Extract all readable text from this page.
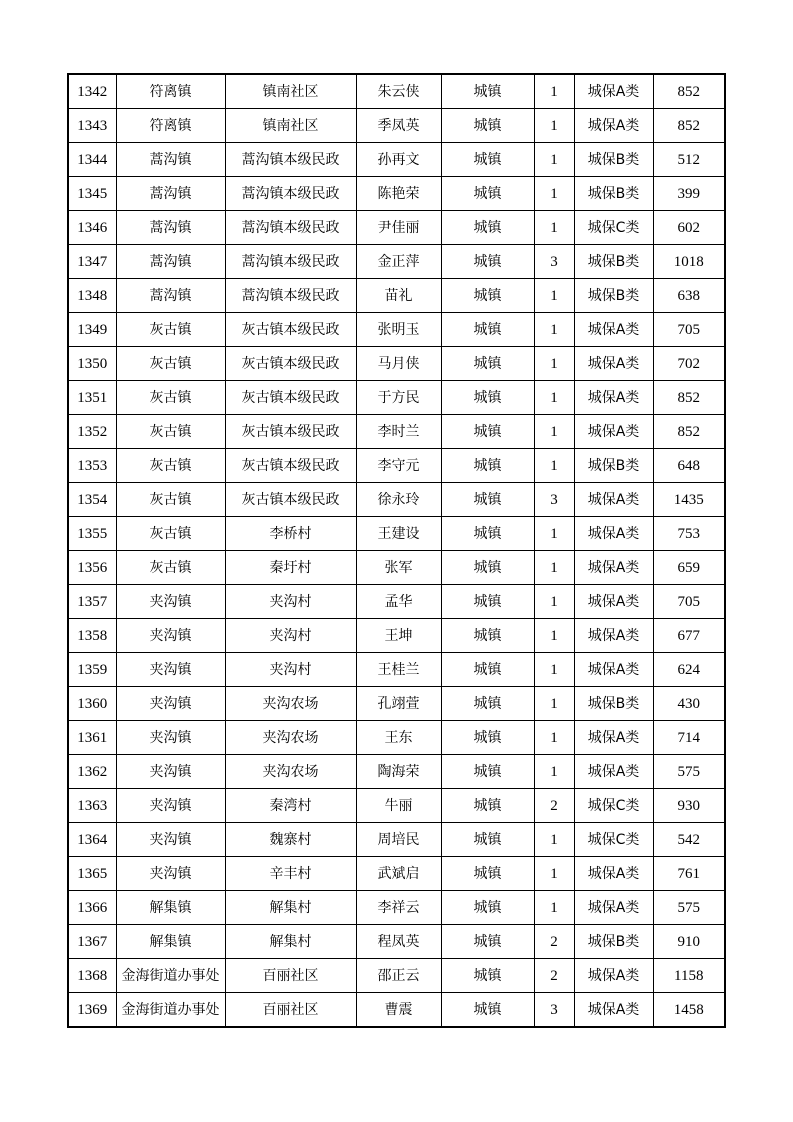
1342	符离镇	镇南社区	朱云侠	城镇	1	城保A类	852
1343	符离镇	镇南社区	季凤英	城镇	1	城保A类	852
1344	蒿沟镇	蒿沟镇本级民政	孙再文	城镇	1	城保B类	512
1345	蒿沟镇	蒿沟镇本级民政	陈艳荣	城镇	1	城保B类	399
1346	蒿沟镇	蒿沟镇本级民政	尹佳丽	城镇	1	城保C类	602
1347	蒿沟镇	蒿沟镇本级民政	金正萍	城镇	3	城保B类	1018
1348	蒿沟镇	蒿沟镇本级民政	苗礼	城镇	1	城保B类	638
1349	灰古镇	灰古镇本级民政	张明玉	城镇	1	城保A类	705
1350	灰古镇	灰古镇本级民政	马月侠	城镇	1	城保A类	702
1351	灰古镇	灰古镇本级民政	于方民	城镇	1	城保A类	852
1352	灰古镇	灰古镇本级民政	李时兰	城镇	1	城保A类	852
1353	灰古镇	灰古镇本级民政	李守元	城镇	1	城保B类	648
1354	灰古镇	灰古镇本级民政	徐永玲	城镇	3	城保A类	1435
1355	灰古镇	李桥村	王建设	城镇	1	城保A类	753
1356	灰古镇	秦圩村	张军	城镇	1	城保A类	659
1357	夹沟镇	夹沟村	孟华	城镇	1	城保A类	705
1358	夹沟镇	夹沟村	王坤	城镇	1	城保A类	677
1359	夹沟镇	夹沟村	王桂兰	城镇	1	城保A类	624
1360	夹沟镇	夹沟农场	孔翊萱	城镇	1	城保B类	430
1361	夹沟镇	夹沟农场	王东	城镇	1	城保A类	714
1362	夹沟镇	夹沟农场	陶海荣	城镇	1	城保A类	575
1363	夹沟镇	秦湾村	牛丽	城镇	2	城保C类	930
1364	夹沟镇	魏寨村	周培民	城镇	1	城保C类	542
1365	夹沟镇	辛丰村	武斌启	城镇	1	城保A类	761
1366	解集镇	解集村	李祥云	城镇	1	城保A类	575
1367	解集镇	解集村	程凤英	城镇	2	城保B类	910
1368	金海街道办事处	百丽社区	邵正云	城镇	2	城保A类	1158
1369	金海街道办事处	百丽社区	曹震	城镇	3	城保A类	1458
